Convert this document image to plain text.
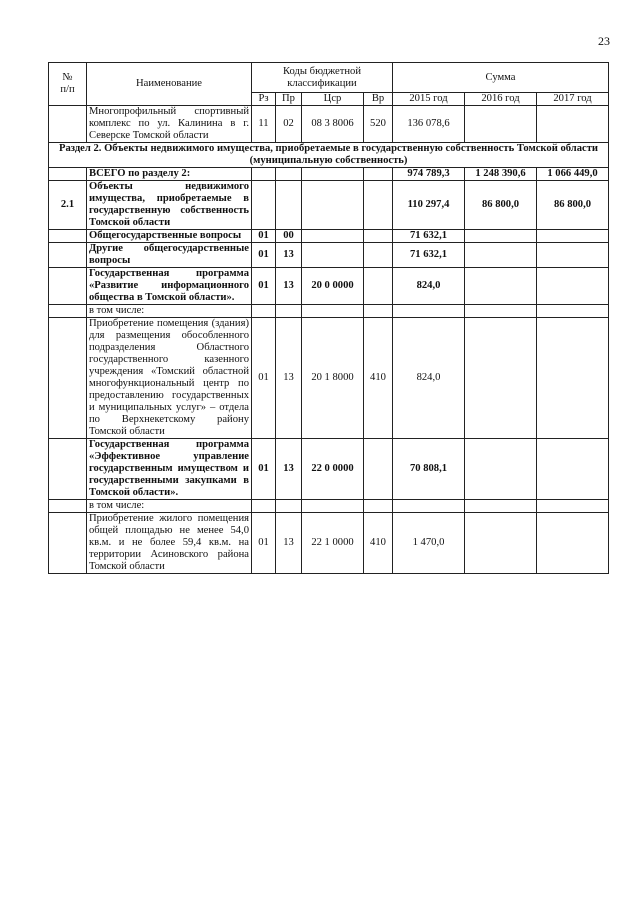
23
№
п/п	Наименование	Коды бюджетной
классификации				Сумма		
		Рз	Пр	Цср	Вр	2015 год	2016 год	2017 год
	Многопрофильный спортивный комплекс по ул. Калинина в г. Северске Томской области	11	02	08 3 8006	520	136 078,6		
Раздел 2. Объекты недвижимого имущества, приобретаемые в государственную собственность Томской области (муниципальную собственность)								
	ВСЕГО по разделу 2:					974 789,3	1 248 390,6	1 066 449,0
2.1	Объекты недвижимого имущества, приобретаемые в государственную собственность Томской области					110 297,4	86 800,0	86 800,0
	Общегосударственные вопросы	01	00			71 632,1		
	Другие общегосударственные вопросы	01	13			71 632,1		
	Государственная программа «Развитие информационного общества в Томской области».	01	13	20 0 0000		824,0		
	в том числе:							
	Приобретение помещения (здания) для размещения обособленного подразделения Областного государственного казенного учреждения «Томский областной многофункциональный центр по предоставлению государственных и муниципальных услуг» – отдела по Верхнекетскому району Томской области	01	13	20 1 8000	410	824,0		
	Государственная программа «Эффективное управление государственным имуществом и государственными закупками в Томской области».	01	13	22 0 0000		70 808,1		
	в том числе:							
	Приобретение жилого помещения общей площадью не менее 54,0 кв.м. и не более 59,4 кв.м. на территории Асиновского района Томской области	01	13	22 1 0000	410	1 470,0		
